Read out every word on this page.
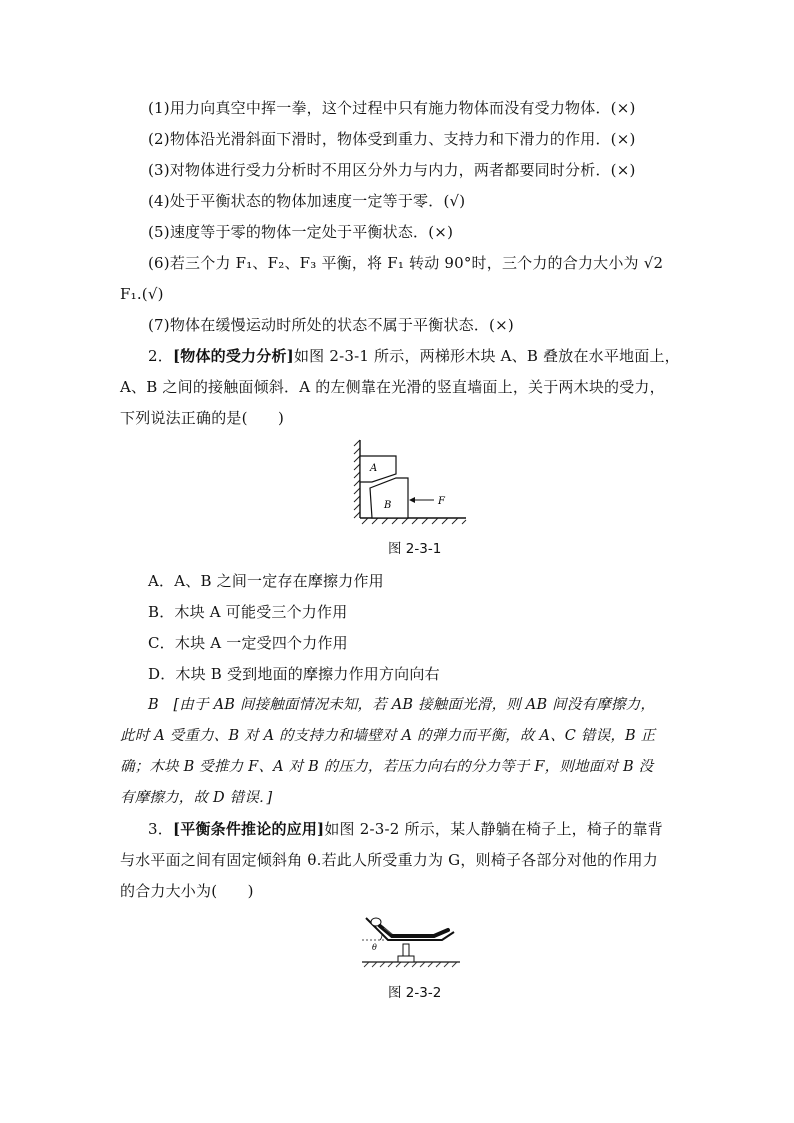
(1)用力向真空中挥一拳，这个过程中只有施力物体而没有受力物体．(×)
(2)物体沿光滑斜面下滑时，物体受到重力、支持力和下滑力的作用．(×)
(3)对物体进行受力分析时不用区分外力与内力，两者都要同时分析．(×)
(4)处于平衡状态的物体加速度一定等于零．(√)
(5)速度等于零的物体一定处于平衡状态．(×)
(6)若三个力 F₁、F₂、F₃ 平衡，将 F₁ 转动 90°时，三个力的合力大小为 √2
F₁.(√)
(7)物体在缓慢运动时所处的状态不属于平衡状态．(×)
2．[物体的受力分析]如图 2-3-1 所示，两梯形木块 A、B 叠放在水平地面上，
A、B 之间的接触面倾斜．A 的左侧靠在光滑的竖直墙面上，关于两木块的受力，
下列说法正确的是(　　)
A
B	F
图 2-3-1
A．A、B 之间一定存在摩擦力作用
B．木块 A 可能受三个力作用
C．木块 A 一定受四个力作用
D．木块 B 受到地面的摩擦力作用方向向右
B　[由于 AB 间接触面情况未知，若 AB 接触面光滑，则 AB 间没有摩擦力，
此时 A 受重力、B 对 A 的支持力和墙壁对 A 的弹力而平衡，故 A、C 错误，B 正
确；木块 B 受推力 F、A 对 B 的压力，若压力向右的分力等于 F，则地面对 B 没
有摩擦力，故 D 错误．]
3．[平衡条件推论的应用]如图 2-3-2 所示，某人静躺在椅子上，椅子的靠背
与水平面之间有固定倾斜角 θ.若此人所受重力为 G，则椅子各部分对他的作用力
的合力大小为(　　)
θ
图 2-3-2
